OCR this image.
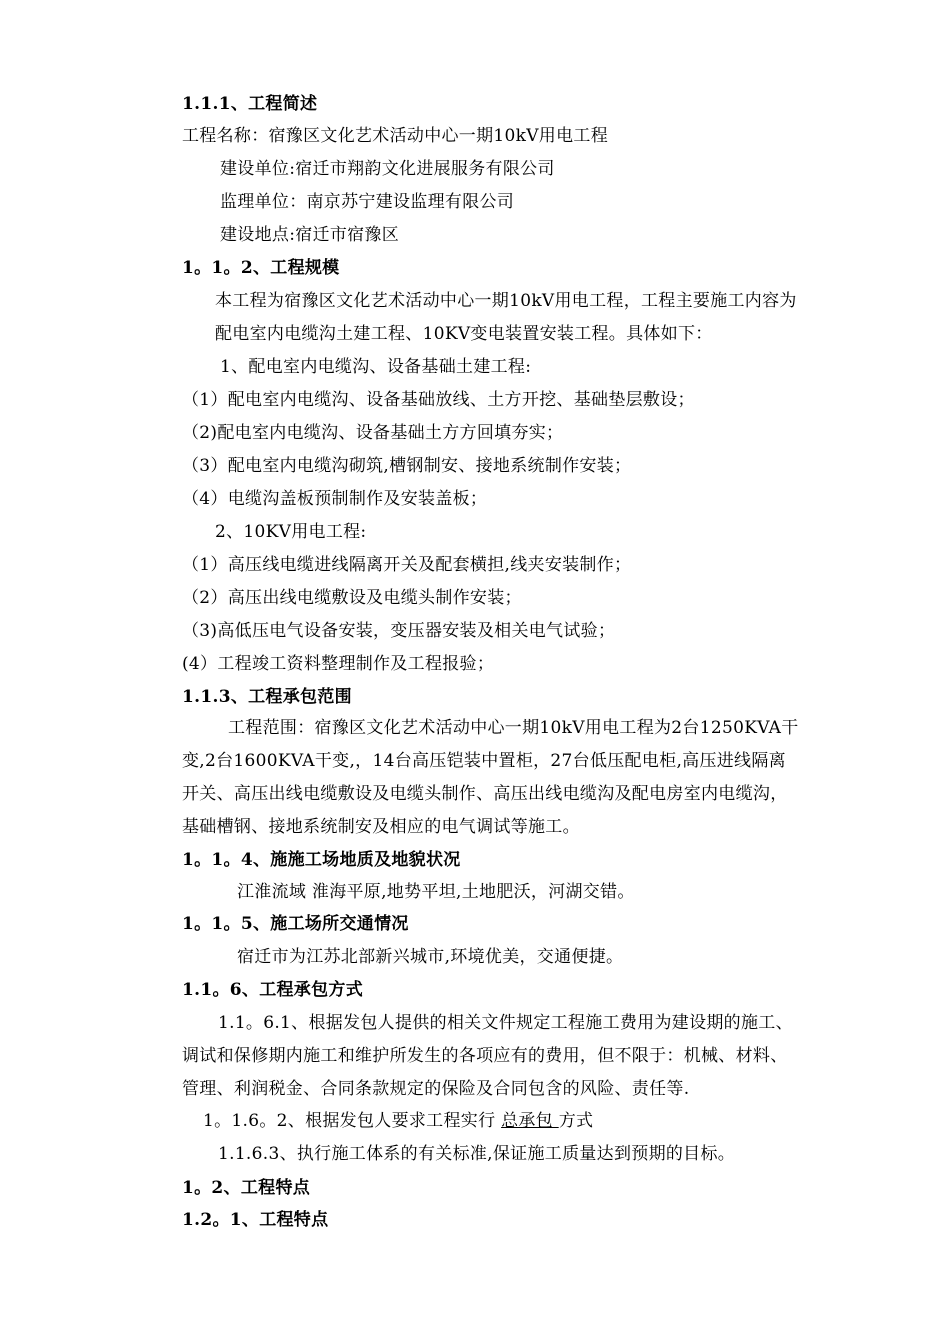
1.1.1、工程简述
工程名称：宿豫区文化艺术活动中心一期10kV用电工程
建设单位:宿迁市翔韵文化进展服务有限公司
监理单位：南京苏宁建设监理有限公司
建设地点:宿迁市宿豫区
1。1。2、工程规模
本工程为宿豫区文化艺术活动中心一期10kV用电工程，工程主要施工内容为
配电室内电缆沟土建工程、10KV变电装置安装工程。具体如下：
1、配电室内电缆沟、设备基础土建工程:
（1）配电室内电缆沟、设备基础放线、土方开挖、基础垫层敷设；
（2)配电室内电缆沟、设备基础土方方回填夯实；
（3）配电室内电缆沟砌筑,槽钢制安、接地系统制作安装；
（4）电缆沟盖板预制制作及安装盖板；
2、10KV用电工程:
（1）高压线电缆进线隔离开关及配套横担,线夹安装制作；
（2）高压出线电缆敷设及电缆头制作安装；
（3)高低压电气设备安装，变压器安装及相关电气试验；
(4）工程竣工资料整理制作及工程报验；
1.1.3、工程承包范围
工程范围：宿豫区文化艺术活动中心一期10kV用电工程为2台1250KVA干
变,2台1600KVA干变,，14台高压铠装中置柜，27台低压配电柜,高压进线隔离
开关、高压出线电缆敷设及电缆头制作、高压出线电缆沟及配电房室内电缆沟，
基础槽钢、接地系统制安及相应的电气调试等施工。
1。1。4、施施工场地质及地貌状况
江淮流域 淮海平原,地势平坦,土地肥沃，河湖交错。
1。1。5、施工场所交通情况
宿迁市为江苏北部新兴城市,环境优美，交通便捷。
1.1。6、工程承包方式
1.1。6.1、根据发包人提供的相关文件规定工程施工费用为建设期的施工、
调试和保修期内施工和维护所发生的各项应有的费用，但不限于：机械、材料、
管理、利润税金、合同条款规定的保险及合同包含的风险、责任等.
1。1.6。2、根据发包人要求工程实行 总承包 方式
1.1.6.3、执行施工体系的有关标准,保证施工质量达到预期的目标。
1。2、工程特点
1.2。1、工程特点
